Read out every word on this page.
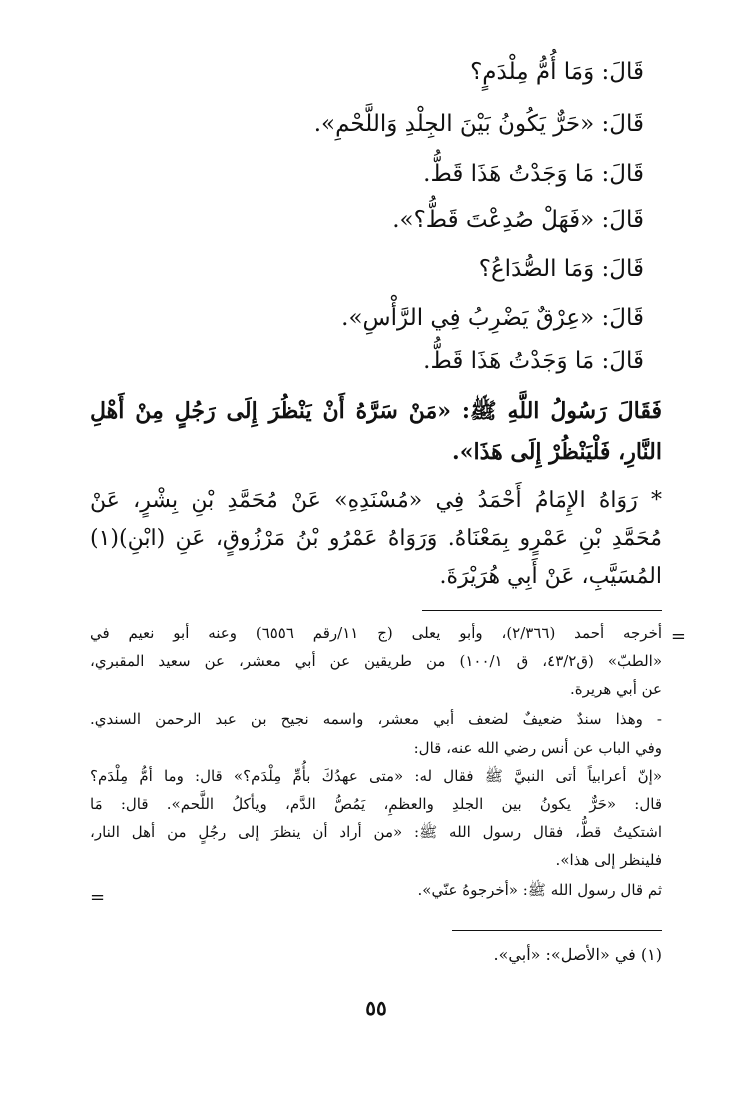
قَالَ: وَمَا أُمُّ مِلْدَمٍ؟
قَالَ: «حَرٌّ يَكُونُ بَيْنَ الجِلْدِ وَاللَّحْمِ».
قَالَ: مَا وَجَدْتُ هَذَا قَطُّ.
قَالَ: «فَهَلْ صُدِعْتَ قَطُّ؟».
قَالَ: وَمَا الصُّدَاعُ؟
قَالَ: «عِرْقٌ يَضْرِبُ فِي الرَّأْسِ».
قَالَ: مَا وَجَدْتُ هَذَا قَطُّ.
فَقَالَ رَسُولُ اللَّهِ ﷺ: «مَنْ سَرَّهُ أَنْ يَنْظُرَ إِلَى رَجُلٍ مِنْ أَهْلِ
النَّارِ، فَلْيَنْظُرْ إِلَى هَذَا».
* رَوَاهُ الإِمَامُ أَحْمَدُ فِي «مُسْنَدِهِ» عَنْ مُحَمَّدِ بْنِ بِشْرٍ، عَنْ
مُحَمَّدِ بْنِ عَمْرٍو بِمَعْنَاهُ. وَرَوَاهُ عَمْرُو بْنُ مَرْزُوقٍ، عَنِ (ابْنِ)(١)
المُسَيَّبِ، عَنْ أَبِي هُرَيْرَةَ.
=
أخرجه أحمد (٢/٣٦٦)، وأبو يعلى (ج ١١/رقم ٦٥٥٦) وعنه أبو نعيم في
«الطبّ» (ق٤٣/٢، ق ١٠٠/١) من طريقين عن أبي معشر، عن سعيد المقبري،
عن أبي هريرة.
- وهذا سندٌ ضعيفٌ لضعف أبي معشر، واسمه نجيح بن عبد الرحمن السندي.
وفي الباب عن أنس رضي الله عنه، قال:
«إنّ أعرابياً أتى النبيَّ ﷺ فقال له: «متى عهدُكَ بأُمِّ مِلْدَم؟» قال: وما أمُّ مِلْدَم؟
قال: «حَرٌّ يكونُ بين الجلدِ والعظمِ، يَمُصُّ الدَّم، ويأكلُ اللَّحم». قال: مَا
اشتكيتُ قطُّ، فقال رسول الله ﷺ: «من أراد أن ينظرَ إلى رجُلٍ من أهل النار،
فلينظر إلى هذا».
ثم قال رسول الله ﷺ: «أخرجوهُ عنّي».
=
(١) في «الأصل»: «أبي».
٥٥
